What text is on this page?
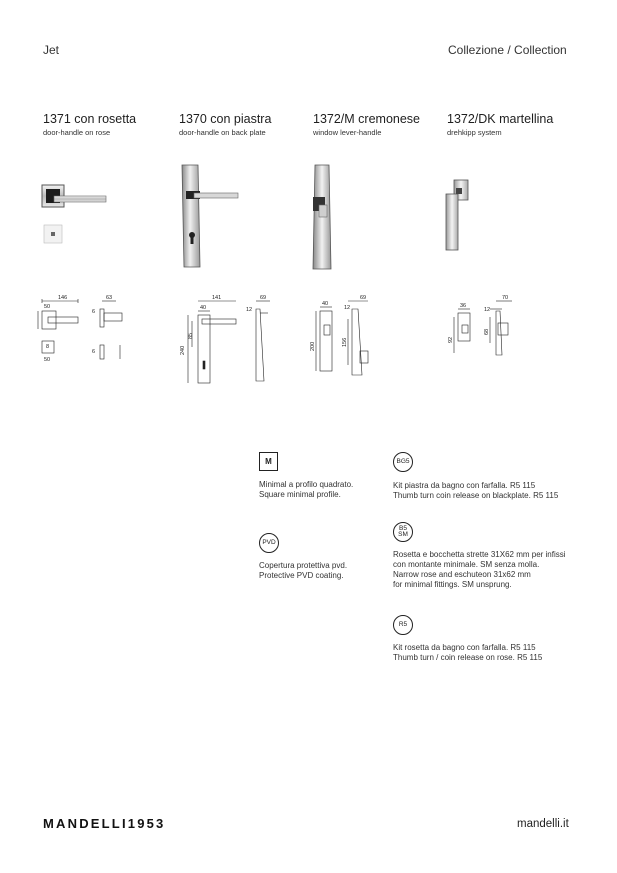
Jet	Collezione / Collection
1371 con rosetta
door-handle on rose
1370 con piastra
door-handle on back plate
1372/M cremonese
window lever-handle
1372/DK martellina
drehkipp system
146	63
50
6
8
50
6
141
40
69
12
85
240
40
69
12
200	156
36
70
12
92
68
M
Minimal a profilo quadrato.
Square minimal profile.
PVD
Copertura protettiva pvd.
Protective PVD coating.
BG5
Kit piastra da bagno con farfalla. R5 115
Thumb turn coin release on blackplate. R5 115
B5
SM
Rosetta e bocchetta strette 31X62 mm per infissi
con montante minimale. SM senza molla.
Narrow rose and eschuteon 31x62 mm
for minimal fittings. SM unsprung.
R5
Kit rosetta da bagno con farfalla. R5 115
Thumb turn / coin release on rose. R5 115
MANDELLI1953	mandelli.it
